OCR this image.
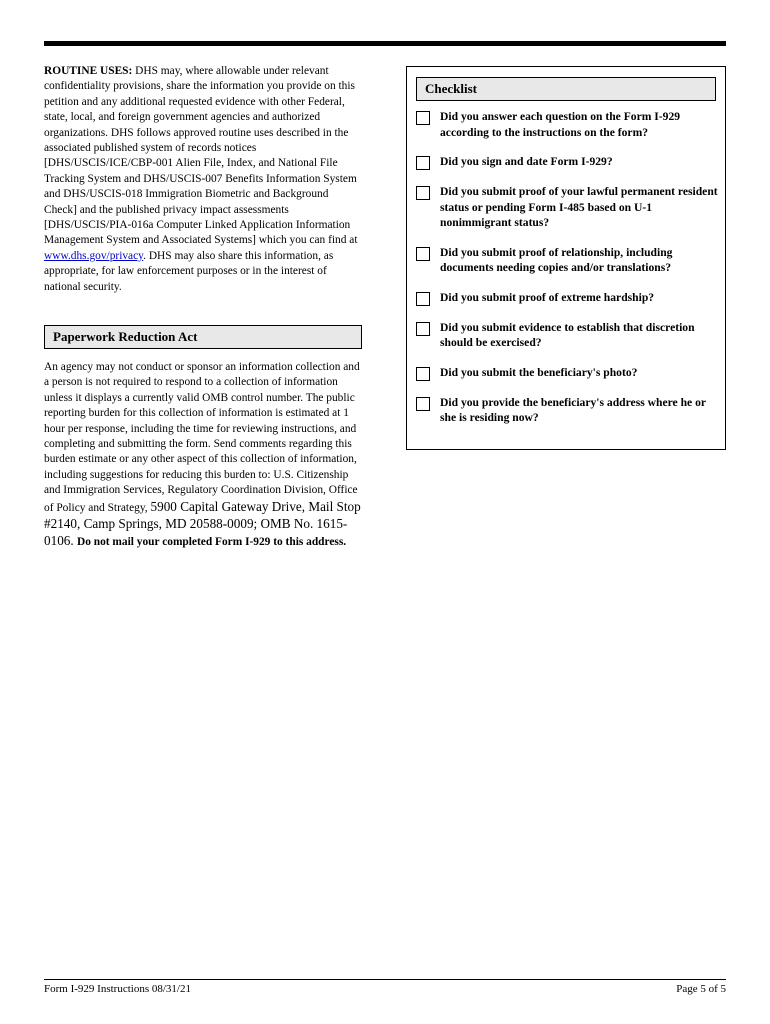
ROUTINE USES: DHS may, where allowable under relevant confidentiality provisions, share the information you provide on this petition and any additional requested evidence with other Federal, state, local, and foreign government agencies and authorized organizations. DHS follows approved routine uses described in the associated published system of records notices [DHS/USCIS/ICE/CBP-001 Alien File, Index, and National File Tracking System and DHS/USCIS-007 Benefits Information System and DHS/USCIS-018 Immigration Biometric and Background Check] and the published privacy impact assessments [DHS/USCIS/PIA-016a Computer Linked Application Information Management System and Associated Systems] which you can find at www.dhs.gov/privacy. DHS may also share this information, as appropriate, for law enforcement purposes or in the interest of national security.

Paperwork Reduction Act
An agency may not conduct or sponsor an information collection and a person is not required to respond to a collection of information unless it displays a currently valid OMB control number. The public reporting burden for this collection of information is estimated at 1 hour per response, including the time for reviewing instructions, and completing and submitting the form. Send comments regarding this burden estimate or any other aspect of this collection of information, including suggestions for reducing this burden to: U.S. Citizenship and Immigration Services, Regulatory Coordination Division, Office of Policy and Strategy, 5900 Capital Gateway Drive, Mail Stop #2140, Camp Springs, MD 20588-0009; OMB No. 1615-0106. Do not mail your completed Form I-929 to this address.
Checklist
Did you answer each question on the Form I-929 according to the instructions on the form?
Did you sign and date Form I-929?
Did you submit proof of your lawful permanent resident status or pending Form I-485 based on U-1 nonimmigrant status?
Did you submit proof of relationship, including documents needing copies and/or translations?
Did you submit proof of extreme hardship?
Did you submit evidence to establish that discretion should be exercised?
Did you submit the beneficiary's photo?
Did you provide the beneficiary's address where he or she is residing now?
Form I-929 Instructions 08/31/21	Page 5 of 5
